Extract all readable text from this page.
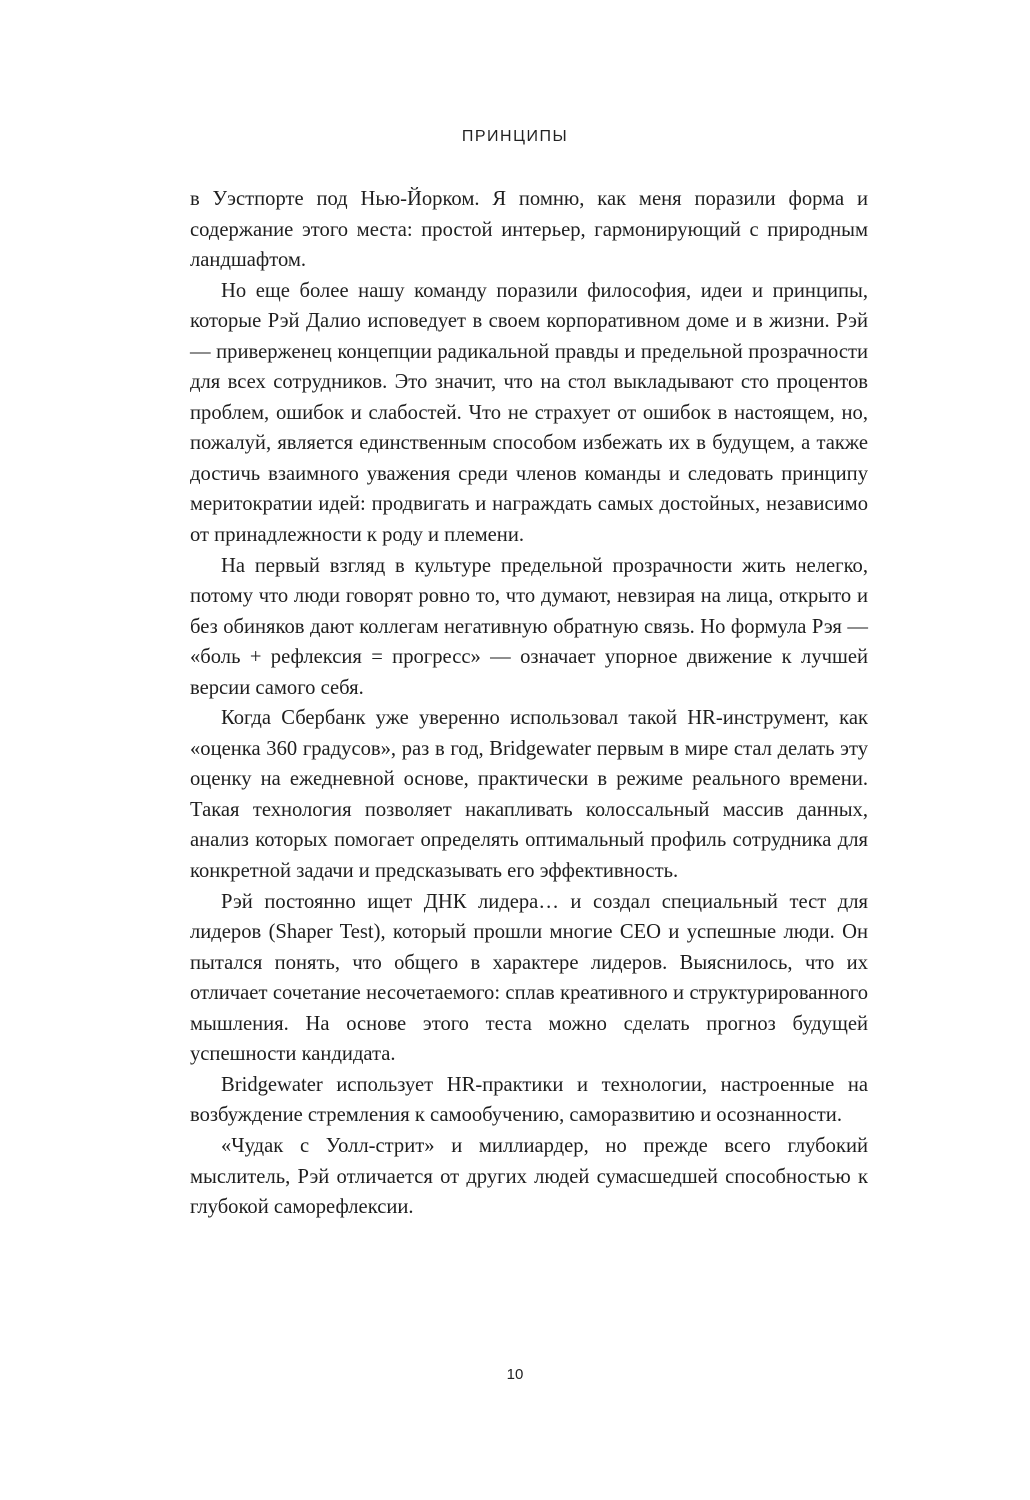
ПРИНЦИПЫ

в Уэстпорте под Нью-Йорком. Я помню, как меня поразили форма и содержание этого места: простой интерьер, гармонирующий с природным ландшафтом.

Но еще более нашу команду поразили философия, идеи и принципы, которые Рэй Далио исповедует в своем корпоративном доме и в жизни. Рэй — приверженец концепции радикальной правды и предельной прозрачности для всех сотрудников. Это значит, что на стол выкладывают сто процентов проблем, ошибок и слабостей. Что не страхует от ошибок в настоящем, но, пожалуй, является единственным способом избежать их в будущем, а также достичь взаимного уважения среди членов команды и следовать принципу меритократии идей: продвигать и награждать самых достойных, независимо от принадлежности к роду и племени.

На первый взгляд в культуре предельной прозрачности жить нелегко, потому что люди говорят ровно то, что думают, невзирая на лица, открыто и без обиняков дают коллегам негативную обратную связь. Но формула Рэя — «боль + рефлексия = прогресс» — означает упорное движение к лучшей версии самого себя.

Когда Сбербанк уже уверенно использовал такой HR-инструмент, как «оценка 360 градусов», раз в год, Bridgewater первым в мире стал делать эту оценку на ежедневной основе, практически в режиме реального времени. Такая технология позволяет накапливать колоссальный массив данных, анализ которых помогает определять оптимальный профиль сотрудника для конкретной задачи и предсказывать его эффективность.

Рэй постоянно ищет ДНК лидера… и создал специальный тест для лидеров (Shaper Test), который прошли многие CEO и успешные люди. Он пытался понять, что общего в характере лидеров. Выяснилось, что их отличает сочетание несочетаемого: сплав креативного и структурированного мышления. На основе этого теста можно сделать прогноз будущей успешности кандидата.

Bridgewater использует HR-практики и технологии, настроенные на возбуждение стремления к самообучению, саморазвитию и осознанности.

«Чудак с Уолл-стрит» и миллиардер, но прежде всего глубокий мыслитель, Рэй отличается от других людей сумасшедшей способностью к глубокой саморефлексии.

10
